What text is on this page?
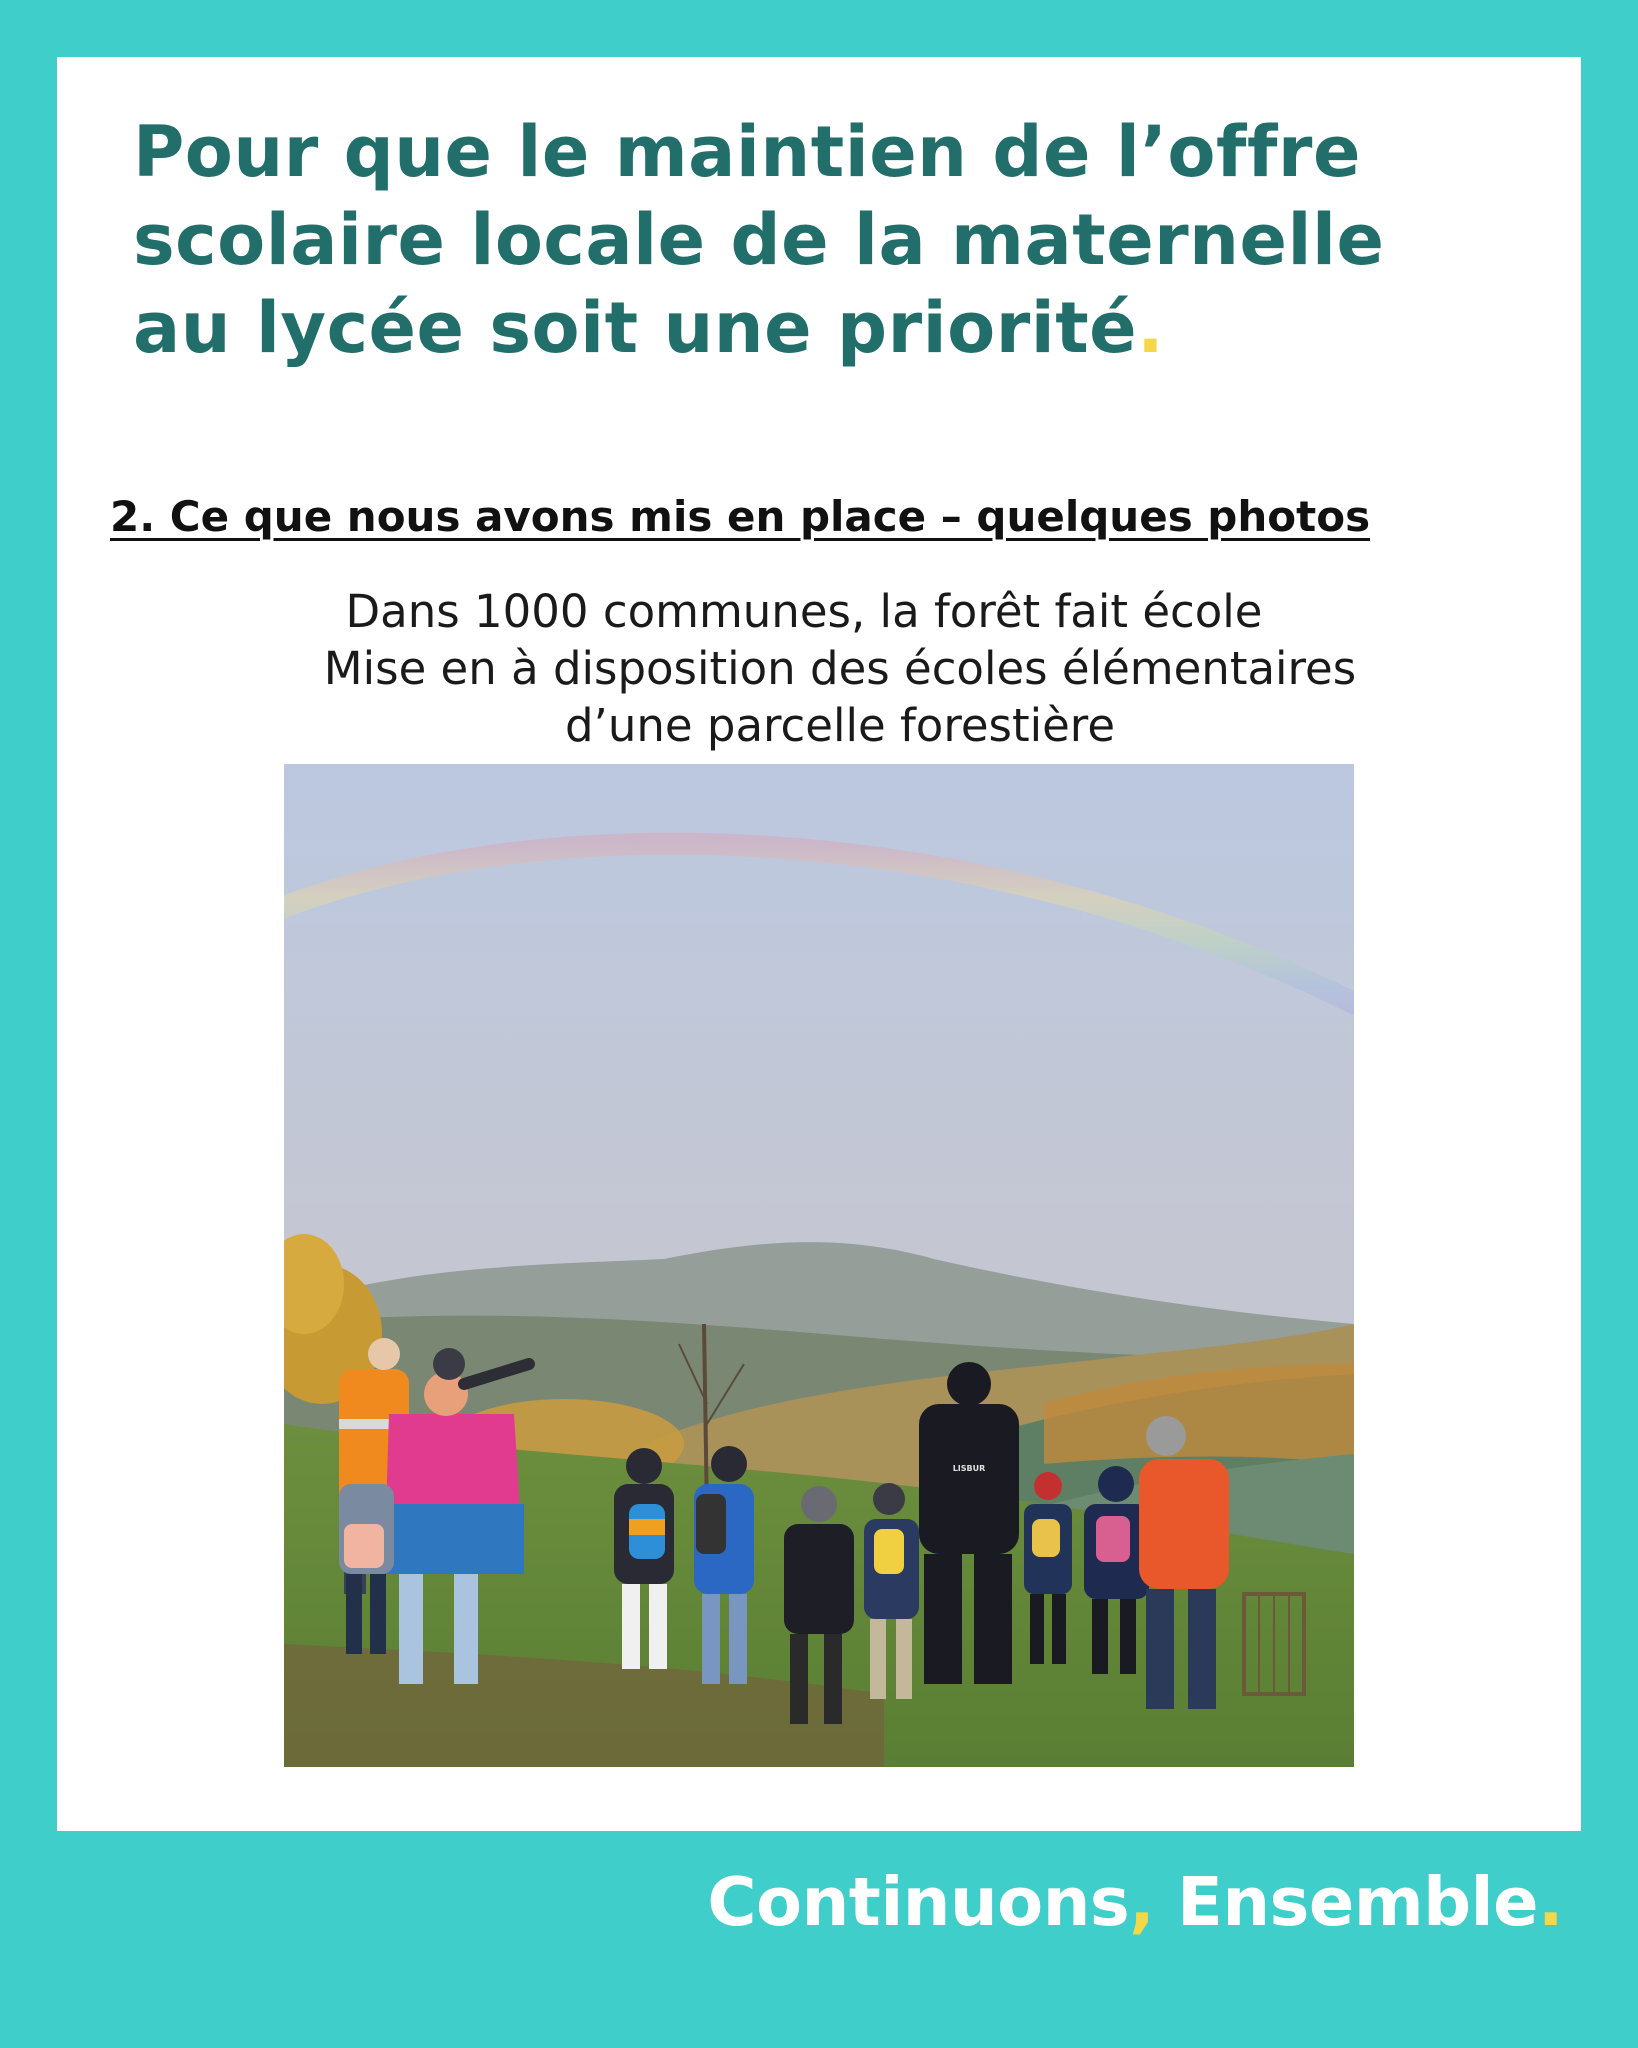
Pour que le maintien de l’offre
scolaire locale de la maternelle
au lycée soit une priorité.
2. Ce que nous avons mis en place – quelques photos
Dans 1000 communes, la forêt fait école
Mise en à disposition des écoles élémentaires
d’une parcelle forestière
LISBUR
Continuons, Ensemble.
